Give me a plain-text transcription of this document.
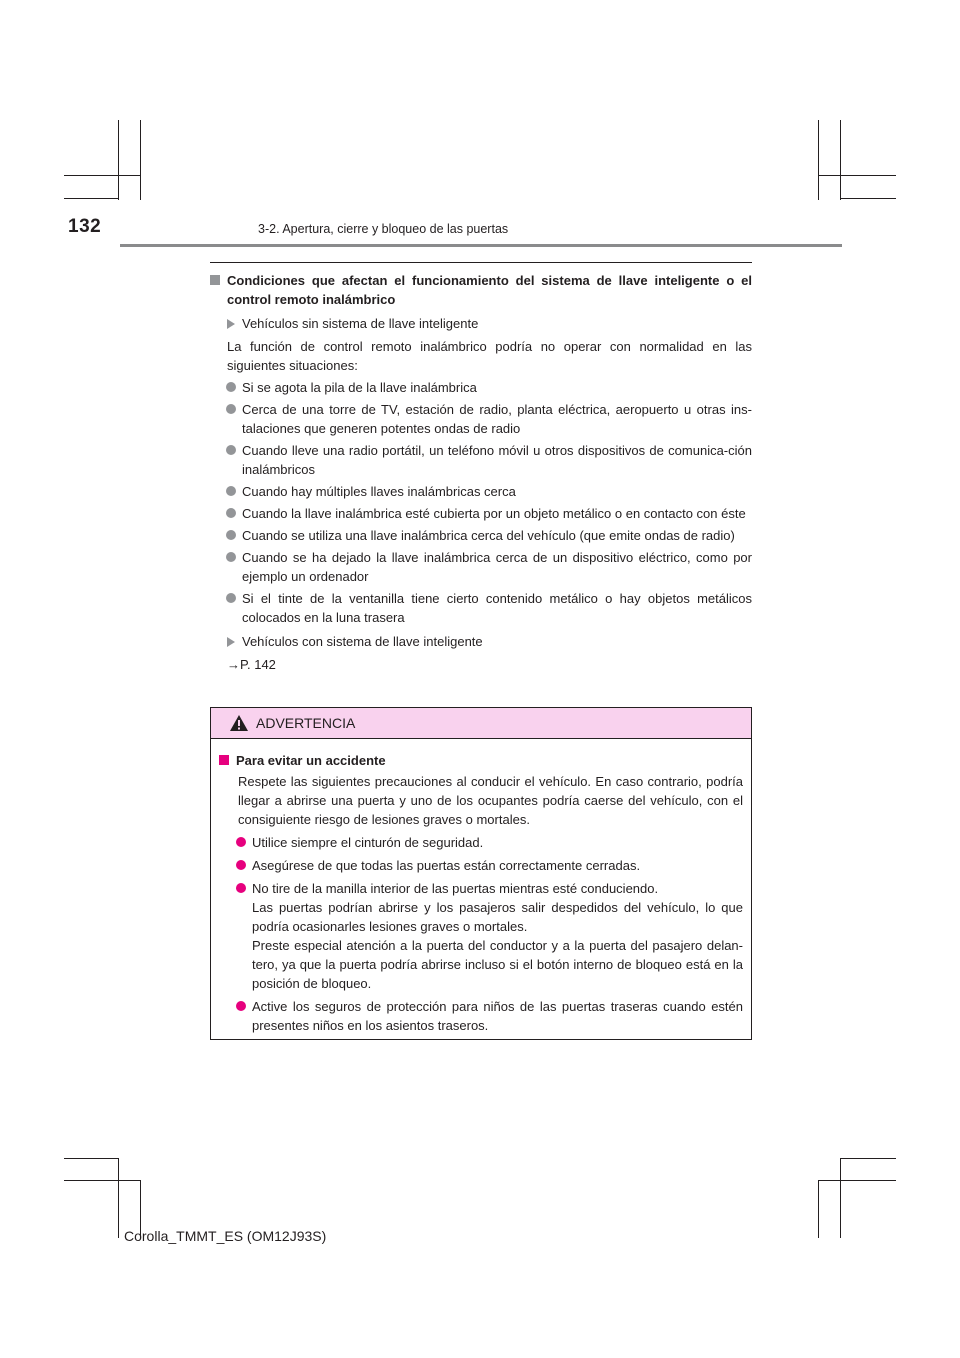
132	3-2. Apertura, cierre y bloqueo de las puertas
Condiciones que afectan el funcionamiento del sistema de llave inteligente o el control remoto inalámbrico
Vehículos sin sistema de llave inteligente
La función de control remoto inalámbrico podría no operar con normalidad en las siguientes situaciones:
Si se agota la pila de la llave inalámbrica
Cerca de una torre de TV, estación de radio, planta eléctrica, aeropuerto u otras ins-talaciones que generen potentes ondas de radio
Cuando lleve una radio portátil, un teléfono móvil u otros dispositivos de comunica-ción inalámbricos
Cuando hay múltiples llaves inalámbricas cerca
Cuando la llave inalámbrica esté cubierta por un objeto metálico o en contacto con éste
Cuando se utiliza una llave inalámbrica cerca del vehículo (que emite ondas de radio)
Cuando se ha dejado la llave inalámbrica cerca de un dispositivo eléctrico, como por ejemplo un ordenador
Si el tinte de la ventanilla tiene cierto contenido metálico o hay objetos metálicos colocados en la luna trasera
Vehículos con sistema de llave inteligente
→P. 142
ADVERTENCIA
Para evitar un accidente
Respete las siguientes precauciones al conducir el vehículo. En caso contrario, podría llegar a abrirse una puerta y uno de los ocupantes podría caerse del vehículo, con el consiguiente riesgo de lesiones graves o mortales.
Utilice siempre el cinturón de seguridad.
Asegúrese de que todas las puertas están correctamente cerradas.
No tire de la manilla interior de las puertas mientras esté conduciendo.
Las puertas podrían abrirse y los pasajeros salir despedidos del vehículo, lo que podría ocasionarles lesiones graves o mortales.
Preste especial atención a la puerta del conductor y a la puerta del pasajero delan-tero, ya que la puerta podría abrirse incluso si el botón interno de bloqueo está en la posición de bloqueo.
Active los seguros de protección para niños de las puertas traseras cuando estén presentes niños en los asientos traseros.
Corolla_TMMT_ES (OM12J93S)
